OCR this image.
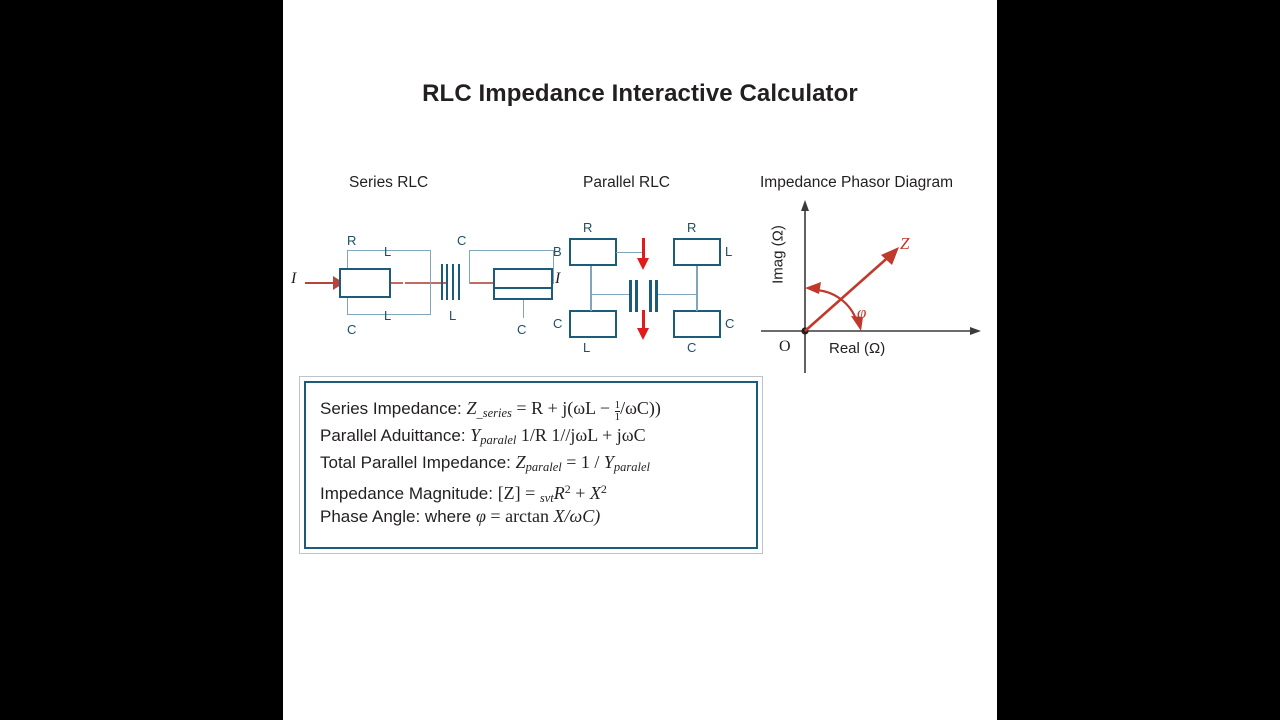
RLC Impedance Interactive Calculator
Series RLC	Parallel RLC	Impedance Phasor Diagram
I
R
L
C
L
C
L
C
I
R
B
C
L
R
L
C
C
Imag (Ω)
Real (Ω)
O
Z
φ
Series Impedance: $Z_{\_series} = R + j(\omega L - \frac{1}{1} /\omega C)$)
Parallel Aduittance: $Y_{paralel}$ 1/R 1//jωL + jωC
Total Parallel Impedance: $Z_{paralel} = 1 / Y_{paralel}$
Impedance Magnitude: $[Z] = _{s\nu t}R^2 + X^2$
Phase Angle: where φ = arctan X/ωC)
